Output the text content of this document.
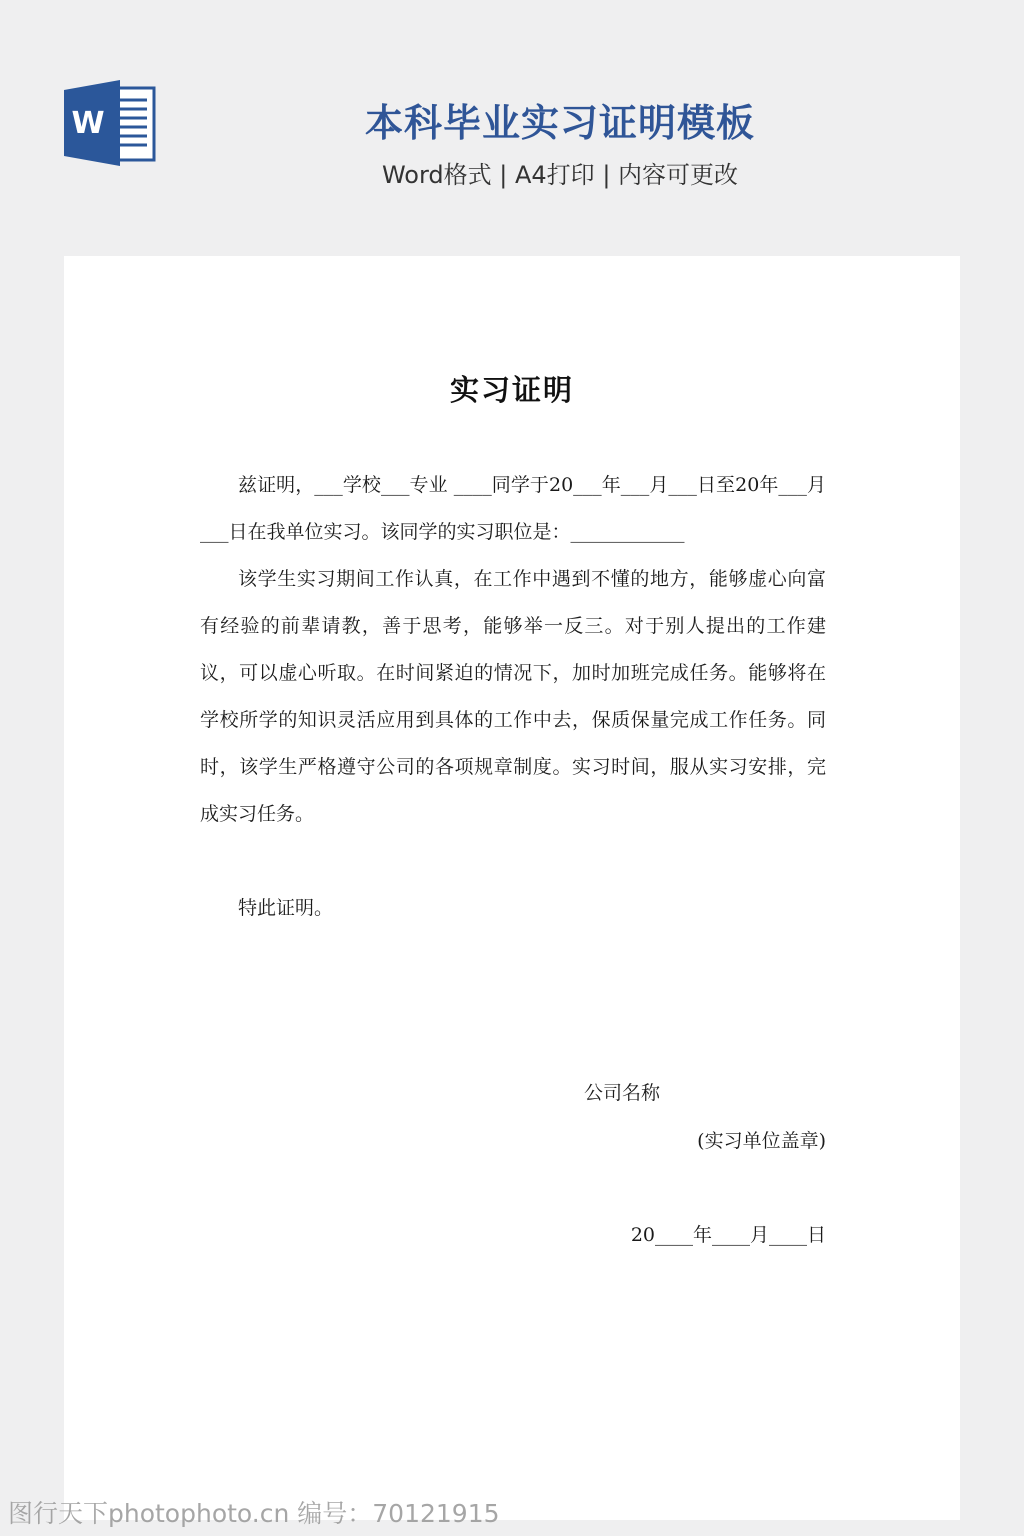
W	本科毕业实习证明模板
Word格式 | A4打印 | 内容可更改
实习证明

兹证明，___学校___专业 ____同学于20___年___月___日至20年___月___日在我单位实习。该同学的实习职位是：____________

该学生实习期间工作认真，在工作中遇到不懂的地方，能够虚心向富有经验的前辈请教，善于思考，能够举一反三。对于别人提出的工作建议，可以虚心听取。在时间紧迫的情况下，加时加班完成任务。能够将在学校所学的知识灵活应用到具体的工作中去，保质保量完成工作任务。同时，该学生严格遵守公司的各项规章制度。实习时间，服从实习安排，完成实习任务。

特此证明。

公司名称
(实习单位盖章)
20____年____月____日
图行天下photophoto.cn 编号：70121915
